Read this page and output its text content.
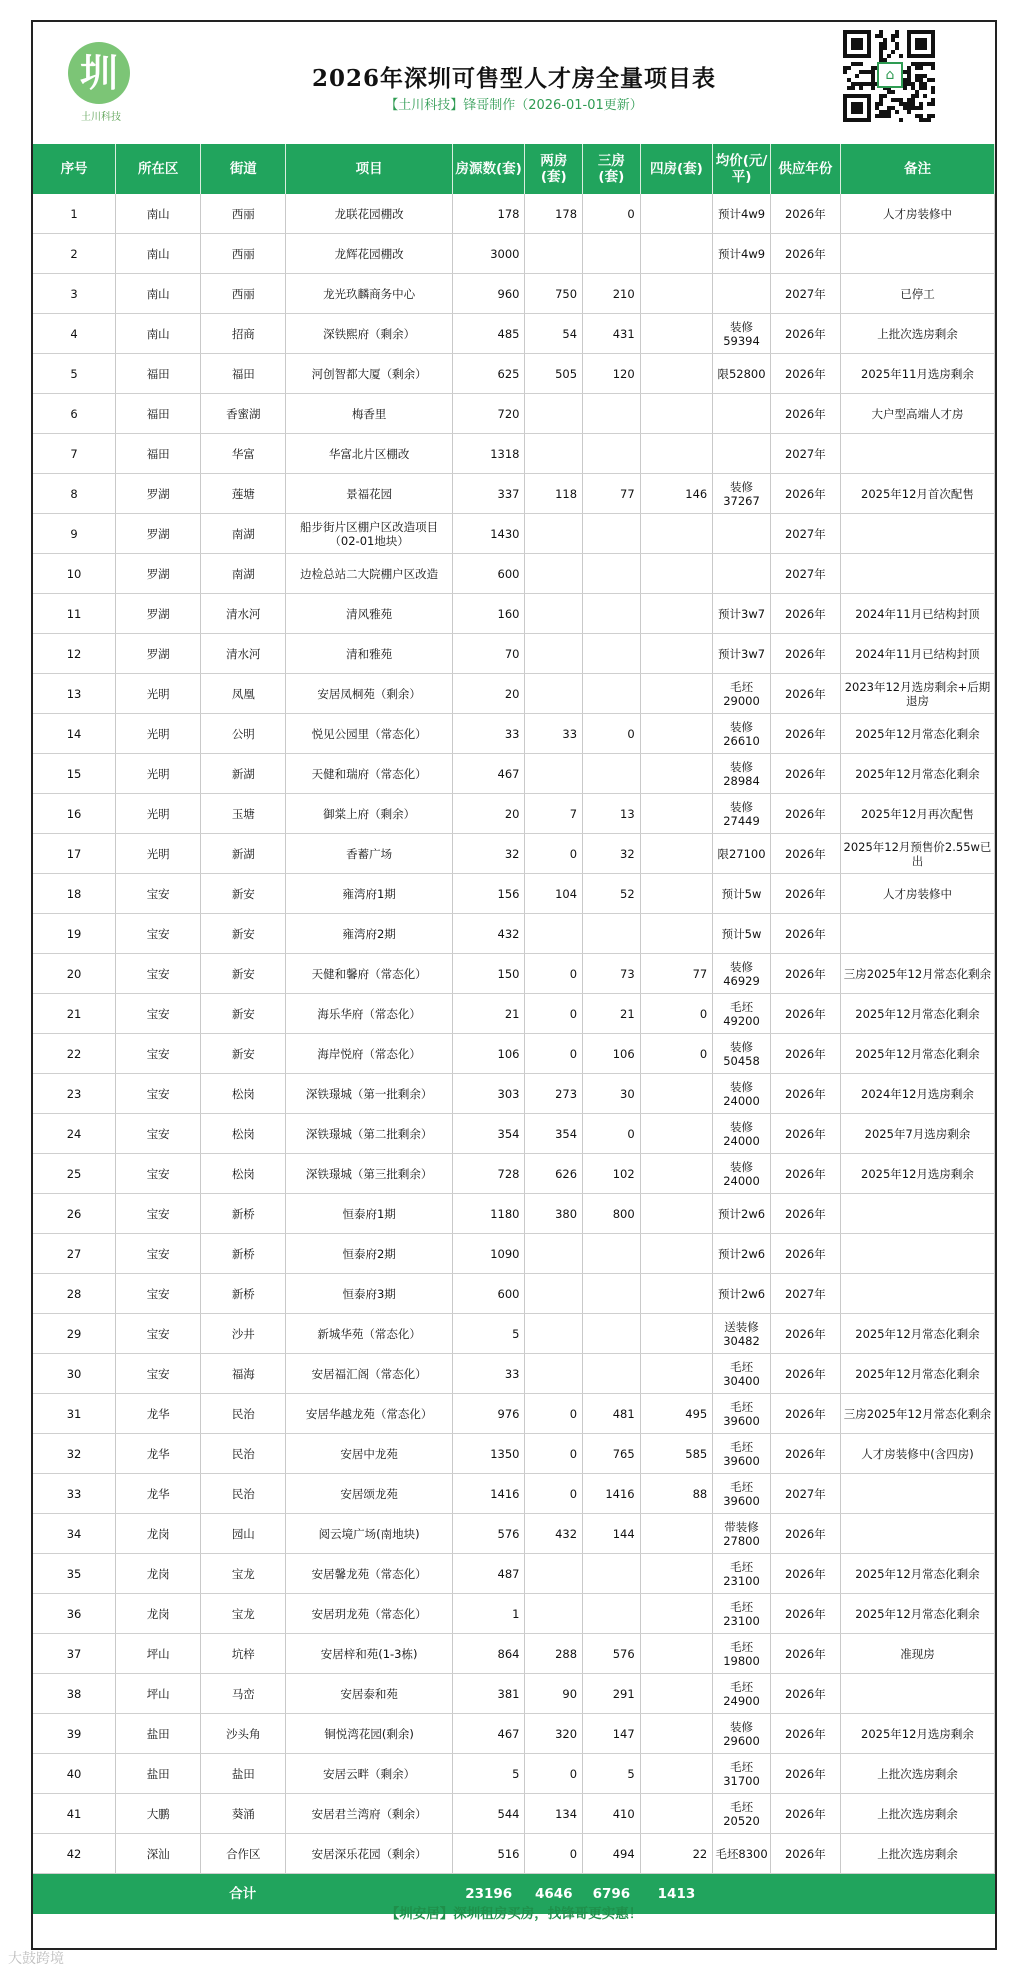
圳
土川科技
2026年深圳可售型人才房全量项目表
【土川科技】锋哥制作（2026-01-01更新）
⌂
序号	所在区	街道	项目	房源数(套)	两房(套)	三房(套)	四房(套)	均价(元/平)	供应年份	备注
1	南山	西丽	龙联花园棚改	178	178	0		预计4w9	2026年	人才房装修中
2	南山	西丽	龙辉花园棚改	3000				预计4w9	2026年	
3	南山	西丽	龙光玖麟商务中心	960	750	210			2027年	已停工
4	南山	招商	深铁熙府（剩余）	485	54	431		装修59394	2026年	上批次选房剩余
5	福田	福田	河创智都大厦（剩余）	625	505	120		限52800	2026年	2025年11月选房剩余
6	福田	香蜜湖	梅香里	720					2026年	大户型高端人才房
7	福田	华富	华富北片区棚改	1318					2027年	
8	罗湖	莲塘	景福花园	337	118	77	146	装修37267	2026年	2025年12月首次配售
9	罗湖	南湖	船步街片区棚户区改造项目（02-01地块）	1430					2027年	
10	罗湖	南湖	边检总站二大院棚户区改造	600					2027年	
11	罗湖	清水河	清风雅苑	160				预计3w7	2026年	2024年11月已结构封顶
12	罗湖	清水河	清和雅苑	70				预计3w7	2026年	2024年11月已结构封顶
13	光明	凤凰	安居凤桐苑（剩余）	20				毛坯29000	2026年	2023年12月选房剩余+后期退房
14	光明	公明	悦见公园里（常态化）	33	33	0		装修26610	2026年	2025年12月常态化剩余
15	光明	新湖	天健和瑞府（常态化）	467				装修28984	2026年	2025年12月常态化剩余
16	光明	玉塘	御棠上府（剩余）	20	7	13		装修27449	2026年	2025年12月再次配售
17	光明	新湖	香蓄广场	32	0	32		限27100	2026年	2025年12月预售价2.55w已出
18	宝安	新安	雍湾府1期	156	104	52		预计5w	2026年	人才房装修中
19	宝安	新安	雍湾府2期	432				预计5w	2026年	
20	宝安	新安	天健和馨府（常态化）	150	0	73	77	装修46929	2026年	三房2025年12月常态化剩余
21	宝安	新安	海乐华府（常态化）	21	0	21	0	毛坯49200	2026年	2025年12月常态化剩余
22	宝安	新安	海岸悦府（常态化）	106	0	106	0	装修50458	2026年	2025年12月常态化剩余
23	宝安	松岗	深铁璟城（第一批剩余）	303	273	30		装修24000	2026年	2024年12月选房剩余
24	宝安	松岗	深铁璟城（第二批剩余）	354	354	0		装修24000	2026年	2025年7月选房剩余
25	宝安	松岗	深铁璟城（第三批剩余）	728	626	102		装修24000	2026年	2025年12月选房剩余
26	宝安	新桥	恒泰府1期	1180	380	800		预计2w6	2026年	
27	宝安	新桥	恒泰府2期	1090				预计2w6	2026年	
28	宝安	新桥	恒泰府3期	600				预计2w6	2027年	
29	宝安	沙井	新城华苑（常态化）	5				送装修30482	2026年	2025年12月常态化剩余
30	宝安	福海	安居福汇阁（常态化）	33				毛坯30400	2026年	2025年12月常态化剩余
31	龙华	民治	安居华越龙苑（常态化）	976	0	481	495	毛坯39600	2026年	三房2025年12月常态化剩余
32	龙华	民治	安居中龙苑	1350	0	765	585	毛坯39600	2026年	人才房装修中(含四房)
33	龙华	民治	安居颂龙苑	1416	0	1416	88	毛坯39600	2027年	
34	龙岗	园山	阅云境广场(南地块)	576	432	144		带装修27800	2026年	
35	龙岗	宝龙	安居馨龙苑（常态化）	487				毛坯23100	2026年	2025年12月常态化剩余
36	龙岗	宝龙	安居玥龙苑（常态化）	1				毛坯23100	2026年	2025年12月常态化剩余
37	坪山	坑梓	安居梓和苑(1-3栋)	864	288	576		毛坯19800	2026年	准现房
38	坪山	马峦	安居泰和苑	381	90	291		毛坯24900	2026年	
39	盐田	沙头角	铜悦湾花园(剩余)	467	320	147		装修29600	2026年	2025年12月选房剩余
40	盐田	盐田	安居云畔（剩余）	5	0	5		毛坯31700	2026年	上批次选房剩余
41	大鹏	葵涌	安居君兰湾府（剩余）	544	134	410		毛坯20520	2026年	上批次选房剩余
42	深汕	合作区	安居深乐花园（剩余）	516	0	494	22	毛坯8300	2026年	上批次选房剩余
合计				23196	4646	6796	1413			
【圳安居】深圳租房买房，找锋哥更实惠！
大鼓跨境
